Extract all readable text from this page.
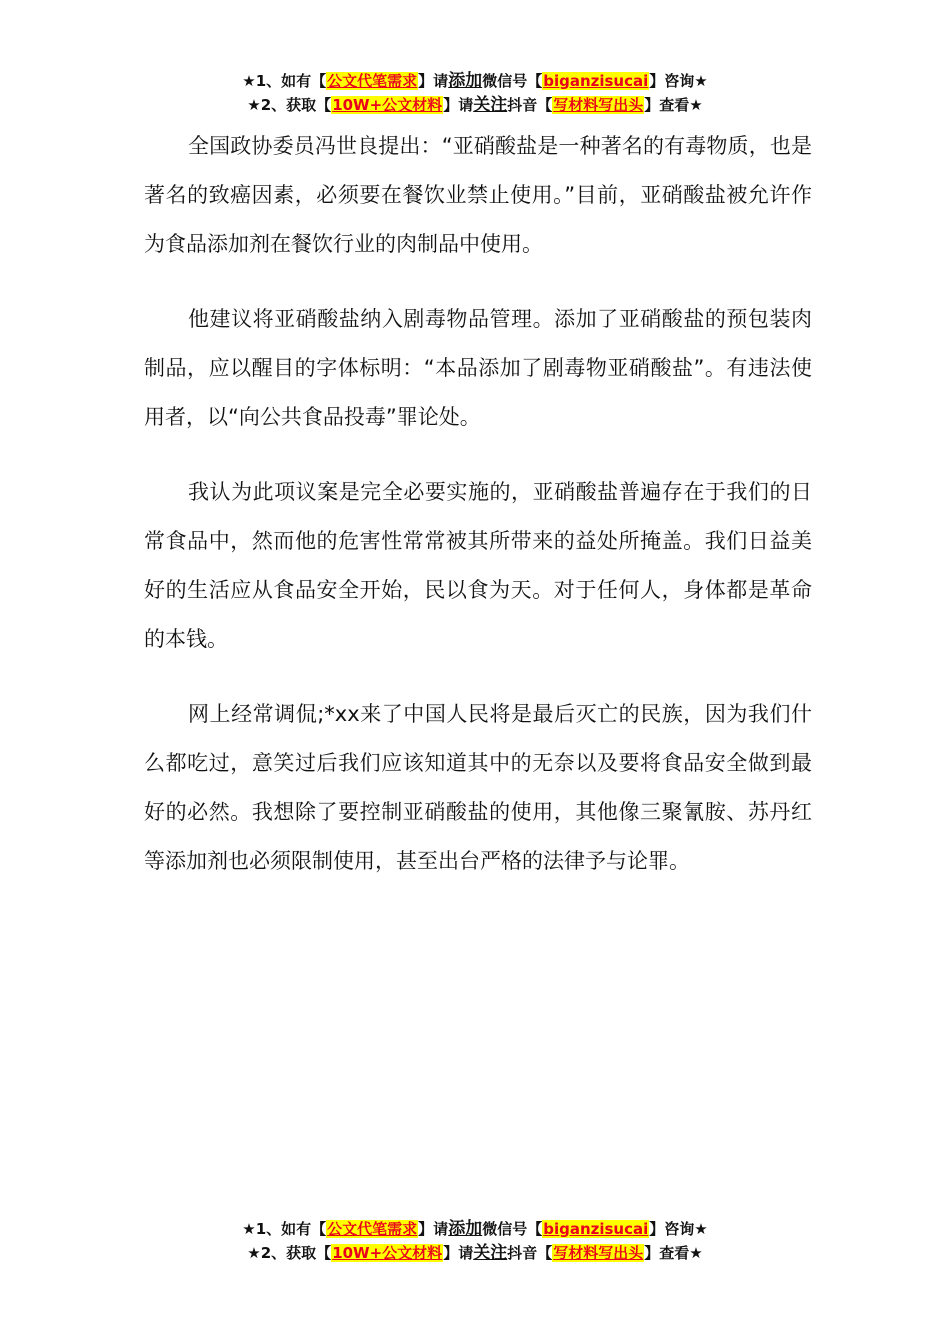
★1、如有【公文代笔需求】请添加微信号【biganzisucai】咨询★
★2、获取【10W+公文材料】请关注抖音【写材料写出头】查看★

全国政协委员冯世良提出：“亚硝酸盐是一种著名的有毒物质，也是著名的致癌因素，必须要在餐饮业禁止使用。”目前，亚硝酸盐被允许作为食品添加剂在餐饮行业的肉制品中使用。

他建议将亚硝酸盐纳入剧毒物品管理。添加了亚硝酸盐的预包装肉制品，应以醒目的字体标明：“本品添加了剧毒物亚硝酸盐”。有违法使用者，以“向公共食品投毒”罪论处。

我认为此项议案是完全必要实施的，亚硝酸盐普遍存在于我们的日常食品中，然而他的危害性常常被其所带来的益处所掩盖。我们日益美好的生活应从食品安全开始，民以食为天。对于任何人，身体都是革命的本钱。

网上经常调侃;*xx来了中国人民将是最后灭亡的民族，因为我们什么都吃过，意笑过后我们应该知道其中的无奈以及要将食品安全做到最好的必然。我想除了要控制亚硝酸盐的使用，其他像三聚氰胺、苏丹红等添加剂也必须限制使用，甚至出台严格的法律予与论罪。

★1、如有【公文代笔需求】请添加微信号【biganzisucai】咨询★
★2、获取【10W+公文材料】请关注抖音【写材料写出头】查看★
